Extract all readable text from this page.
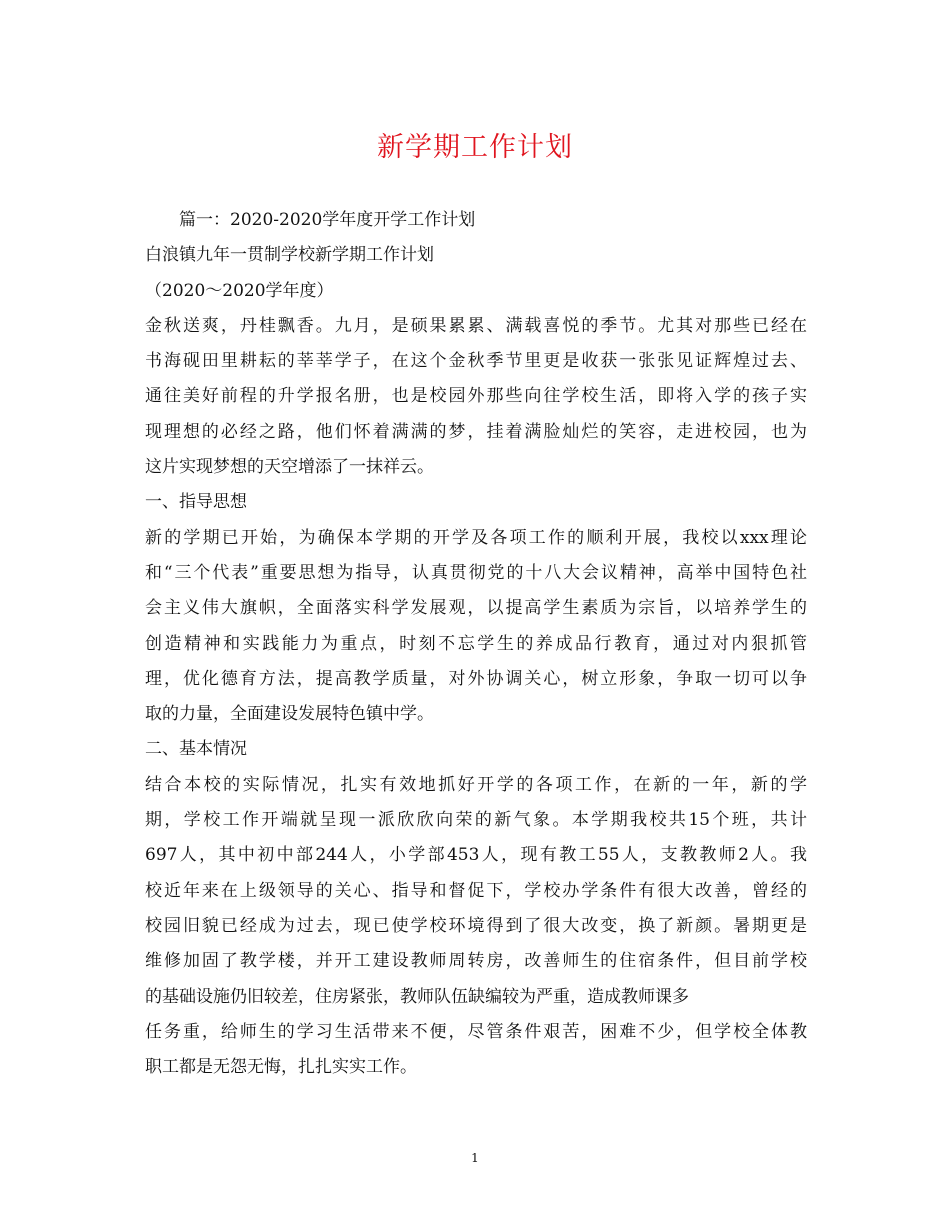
新学期工作计划
篇一：2020-2020学年度开学工作计划
白浪镇九年一贯制学校新学期工作计划
（2020～2020学年度）
金秋送爽，丹桂飘香。九月，是硕果累累、满载喜悦的季节。尤其对那些已经在
书海砚田里耕耘的莘莘学子，在这个金秋季节里更是收获一张张见证辉煌过去、
通往美好前程的升学报名册，也是校园外那些向往学校生活，即将入学的孩子实
现理想的必经之路，他们怀着满满的梦，挂着满脸灿烂的笑容，走进校园，也为
这片实现梦想的天空增添了一抹祥云。
一、指导思想
新的学期已开始，为确保本学期的开学及各项工作的顺利开展，我校以xxx理论
和“三个代表”重要思想为指导，认真贯彻党的十八大会议精神，高举中国特色社
会主义伟大旗帜，全面落实科学发展观，以提高学生素质为宗旨，以培养学生的
创造精神和实践能力为重点，时刻不忘学生的养成品行教育，通过对内狠抓管
理，优化德育方法，提高教学质量，对外协调关心，树立形象，争取一切可以争
取的力量，全面建设发展特色镇中学。
二、基本情况
结合本校的实际情况，扎实有效地抓好开学的各项工作，在新的一年，新的学
期，学校工作开端就呈现一派欣欣向荣的新气象。本学期我校共15个班，共计
697人，其中初中部244人，小学部453人，现有教工55人，支教教师2人。我
校近年来在上级领导的关心、指导和督促下，学校办学条件有很大改善，曾经的
校园旧貌已经成为过去，现已使学校环境得到了很大改变，换了新颜。暑期更是
维修加固了教学楼，并开工建设教师周转房，改善师生的住宿条件，但目前学校
的基础设施仍旧较差，住房紧张，教师队伍缺编较为严重，造成教师课多
任务重，给师生的学习生活带来不便，尽管条件艰苦，困难不少，但学校全体教
职工都是无怨无悔，扎扎实实工作。
1
